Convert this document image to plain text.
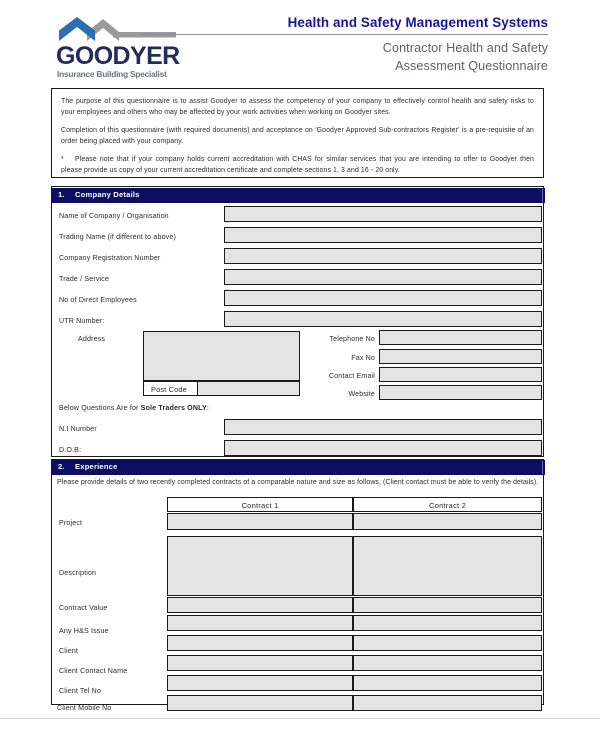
GOODYER
Insurance Building Specialist
Health and Safety Management Systems
Contractor Health and Safety
Assessment Questionnaire

The purpose of this questionnaire is to assist Goodyer to assess the competency of your company to effectively control health and safety risks to your employees and others who may be affected by your work activities when working on Goodyer sites.

Completion of this questionnaire (with required documents) and acceptance on 'Goodyer Approved Sub-contractors Register' is a pre-requisite of an order being placed with your company.

* Please note that if your company holds current accreditation with CHAS for similar services that you are intending to offer to Goodyer then please provide us copy of your current accreditation certificate and complete sections 1, 3 and 16 - 20 only.

1. Company Details
Name of Company / Organisation
Trading Name (if different to above)
Company Registration Number
Trade / Service
No of Direct Employees
UTR Number:
Address
Post Code
Telephone No
Fax No
Contact Email
Website
Below Questions Are for Sole Traders ONLY:
N.I Number
D.O.B:
2. Experience
Please provide details of two recently completed contracts of a comparable nature and size as follows, (Client contact must be able to verify the details).
Contract 1	Contract 2
Project
Description
Contract Value
Any H&S Issue
Client
Client Contact Name
Client Tel No
Client Mobile No
